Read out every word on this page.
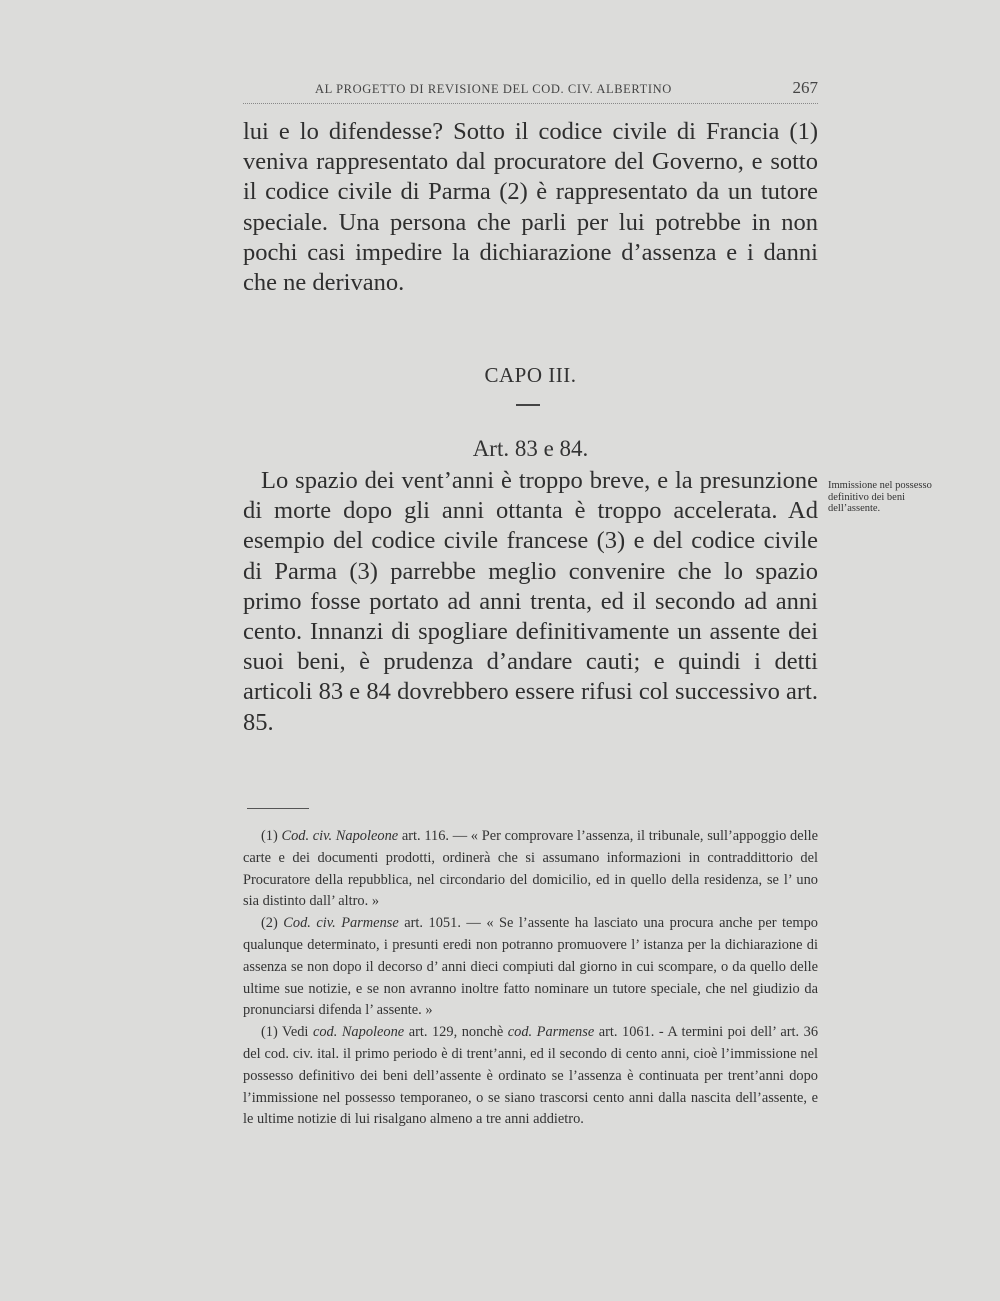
AL PROGETTO DI REVISIONE DEL COD. CIV. ALBERTINO	267

lui e lo difendesse? Sotto il codice civile di Francia (1) veniva rappresentato dal procuratore del Governo, e sotto il codice civile di Parma (2) è rappresentato da un tutore speciale. Una persona che parli per lui potrebbe in non pochi casi impedire la dichiarazione d’assenza e i danni che ne derivano.

CAPO III.
Art. 83 e 84.

Lo spazio dei vent’anni è troppo breve, e la presunzione di morte dopo gli anni ottanta è troppo accelerata. Ad esempio del codice civile francese (3) e del codice civile di Parma (3) parrebbe meglio convenire che lo spazio primo fosse portato ad anni trenta, ed il secondo ad anni cento. Innanzi di spogliare definitivamente un assente dei suoi beni, è prudenza d’andare cauti; e quindi i detti articoli 83 e 84 dovrebbero essere rifusi col successivo art. 85.

Immissione nel possesso definitivo dei beni dell’assente.

(1) Cod. civ. Napoleone art. 116. — « Per comprovare l’assenza, il tribunale, sull’appoggio delle carte e dei documenti prodotti, ordinerà che si assumano informazioni in contraddittorio del Procuratore della repubblica, nel circondario del domicilio, ed in quello della residenza, se l’ uno sia distinto dall’ altro. »

(2) Cod. civ. Parmense art. 1051. — « Se l’assente ha lasciato una procura anche per tempo qualunque determinato, i presunti eredi non potranno promuovere l’ istanza per la dichiarazione di assenza se non dopo il decorso d’ anni dieci compiuti dal giorno in cui scompare, o da quello delle ultime sue notizie, e se non avranno inoltre fatto nominare un tutore speciale, che nel giudizio da pronunciarsi difenda l’ assente. »

(1) Vedi cod. Napoleone art. 129, nonchè cod. Parmense art. 1061. - A termini poi dell’ art. 36 del cod. civ. ital. il primo periodo è di trent’anni, ed il secondo di cento anni, cioè l’immissione nel possesso definitivo dei beni dell’assente è ordinato se l’assenza è continuata per trent’anni dopo l’immissione nel possesso temporaneo, o se siano trascorsi cento anni dalla nascita dell’assente, e le ultime notizie di lui risalgano almeno a tre anni addietro.
